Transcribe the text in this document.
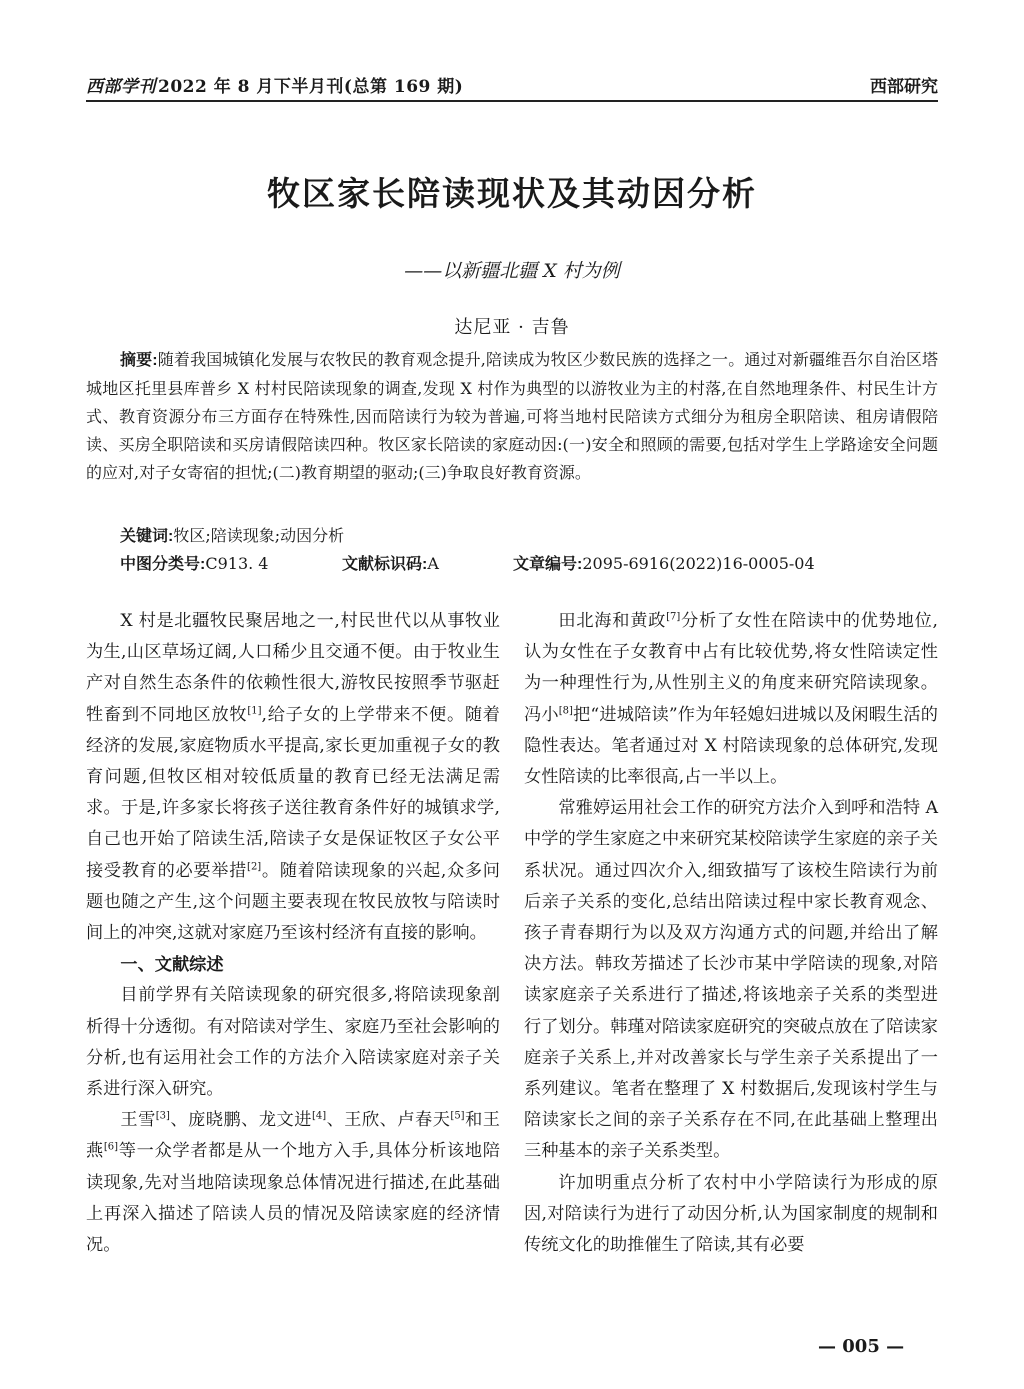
西部学刊 2022 年 8 月下半月刊(总第 169 期)	西部研究
牧区家长陪读现状及其动因分析
——以新疆北疆 X 村为例
达尼亚 · 吉鲁
摘要:随着我国城镇化发展与农牧民的教育观念提升,陪读成为牧区少数民族的选择之一。通过对新疆维吾尔自治区塔城地区托里县库普乡 X 村村民陪读现象的调查,发现 X 村作为典型的以游牧业为主的村落,在自然地理条件、村民生计方式、教育资源分布三方面存在特殊性,因而陪读行为较为普遍,可将当地村民陪读方式细分为租房全职陪读、租房请假陪读、买房全职陪读和买房请假陪读四种。牧区家长陪读的家庭动因:(一)安全和照顾的需要,包括对学生上学路途安全问题的应对,对子女寄宿的担忧;(二)教育期望的驱动;(三)争取良好教育资源。
关键词:牧区;陪读现象;动因分析
中图分类号:C913. 4	文献标识码:A	文章编号:2095-6916(2022)16-0005-04

X 村是北疆牧民聚居地之一,村民世代以从事牧业为生,山区草场辽阔,人口稀少且交通不便。由于牧业生产对自然生态条件的依赖性很大,游牧民按照季节驱赶牲畜到不同地区放牧[1],给子女的上学带来不便。随着经济的发展,家庭物质水平提高,家长更加重视子女的教育问题,但牧区相对较低质量的教育已经无法满足需求。于是,许多家长将孩子送往教育条件好的城镇求学,自己也开始了陪读生活,陪读子女是保证牧区子女公平接受教育的必要举措[2]。随着陪读现象的兴起,众多问题也随之产生,这个问题主要表现在牧民放牧与陪读时间上的冲突,这就对家庭乃至该村经济有直接的影响。

一、文献综述

目前学界有关陪读现象的研究很多,将陪读现象剖析得十分透彻。有对陪读对学生、家庭乃至社会影响的分析,也有运用社会工作的方法介入陪读家庭对亲子关系进行深入研究。

王雪[3]、庞晓鹏、龙文进[4]、王欣、卢春天[5]和王燕[6]等一众学者都是从一个地方入手,具体分析该地陪读现象,先对当地陪读现象总体情况进行描述,在此基础上再深入描述了陪读人员的情况及陪读家庭的经济情况。

田北海和黄政[7]分析了女性在陪读中的优势地位,认为女性在子女教育中占有比较优势,将女性陪读定性为一种理性行为,从性别主义的角度来研究陪读现象。冯小[8]把“进城陪读”作为年轻媳妇进城以及闲暇生活的隐性表达。笔者通过对 X 村陪读现象的总体研究,发现女性陪读的比率很高,占一半以上。

常雅婷运用社会工作的研究方法介入到呼和浩特 A 中学的学生家庭之中来研究某校陪读学生家庭的亲子关系状况。通过四次介入,细致描写了该校生陪读行为前后亲子关系的变化,总结出陪读过程中家长教育观念、孩子青春期行为以及双方沟通方式的问题,并给出了解决方法。韩玫芳描述了长沙市某中学陪读的现象,对陪读家庭亲子关系进行了描述,将该地亲子关系的类型进行了划分。韩瑾对陪读家庭研究的突破点放在了陪读家庭亲子关系上,并对改善家长与学生亲子关系提出了一系列建议。笔者在整理了 X 村数据后,发现该村学生与陪读家长之间的亲子关系存在不同,在此基础上整理出三种基本的亲子关系类型。

许加明重点分析了农村中小学陪读行为形成的原因,对陪读行为进行了动因分析,认为国家制度的规制和传统文化的助推催生了陪读,其有必要

— 005 —
